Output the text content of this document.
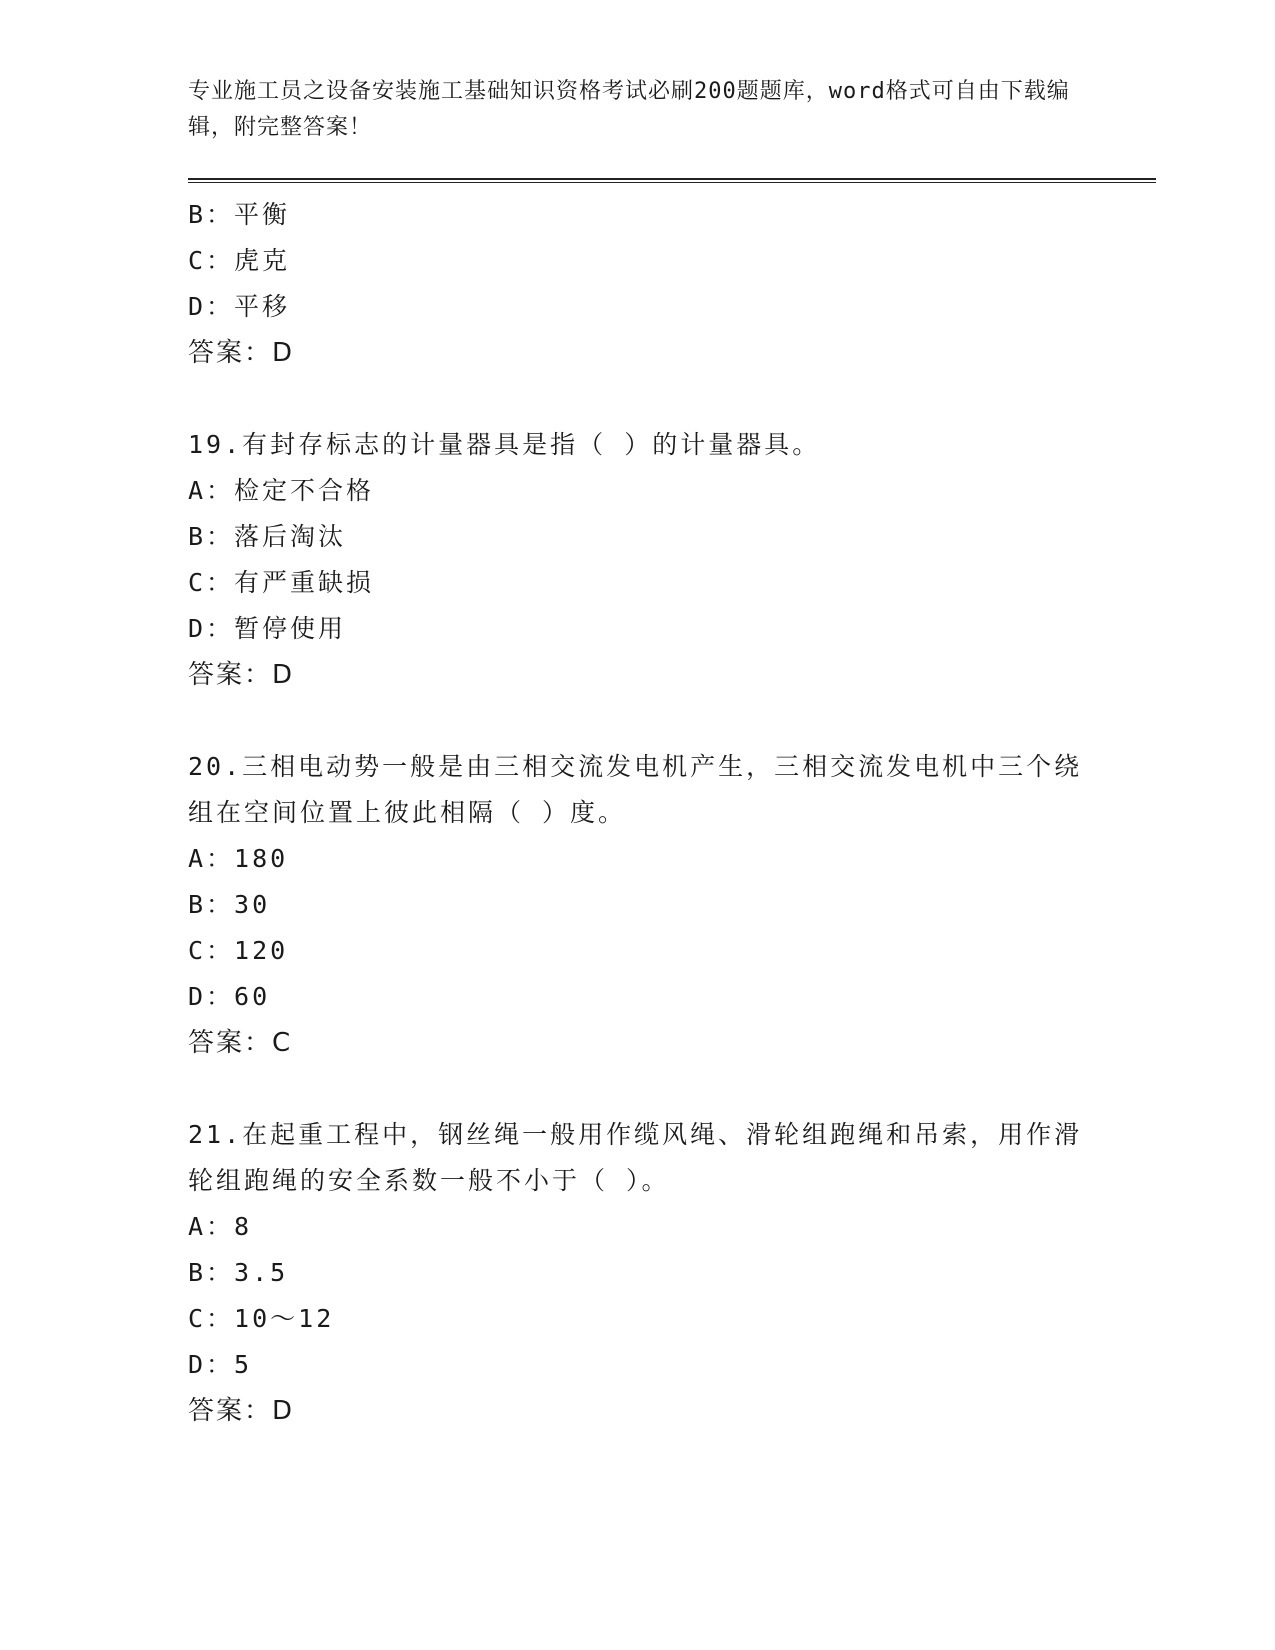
专业施工员之设备安装施工基础知识资格考试必刷200题题库，word格式可自由下载编辑，附完整答案！
B：平衡
C：虎克
D：平移
答案：D
19.有封存标志的计量器具是指（ ）的计量器具。
A：检定不合格
B：落后淘汰
C：有严重缺损
D：暂停使用
答案：D
20.三相电动势一般是由三相交流发电机产生，三相交流发电机中三个绕组在空间位置上彼此相隔（ ）度。
A：180
B：30
C：120
D：60
答案：C
21.在起重工程中，钢丝绳一般用作缆风绳、滑轮组跑绳和吊索，用作滑轮组跑绳的安全系数一般不小于（ ）。
A：8
B：3.5
C：10～12
D：5
答案：D
